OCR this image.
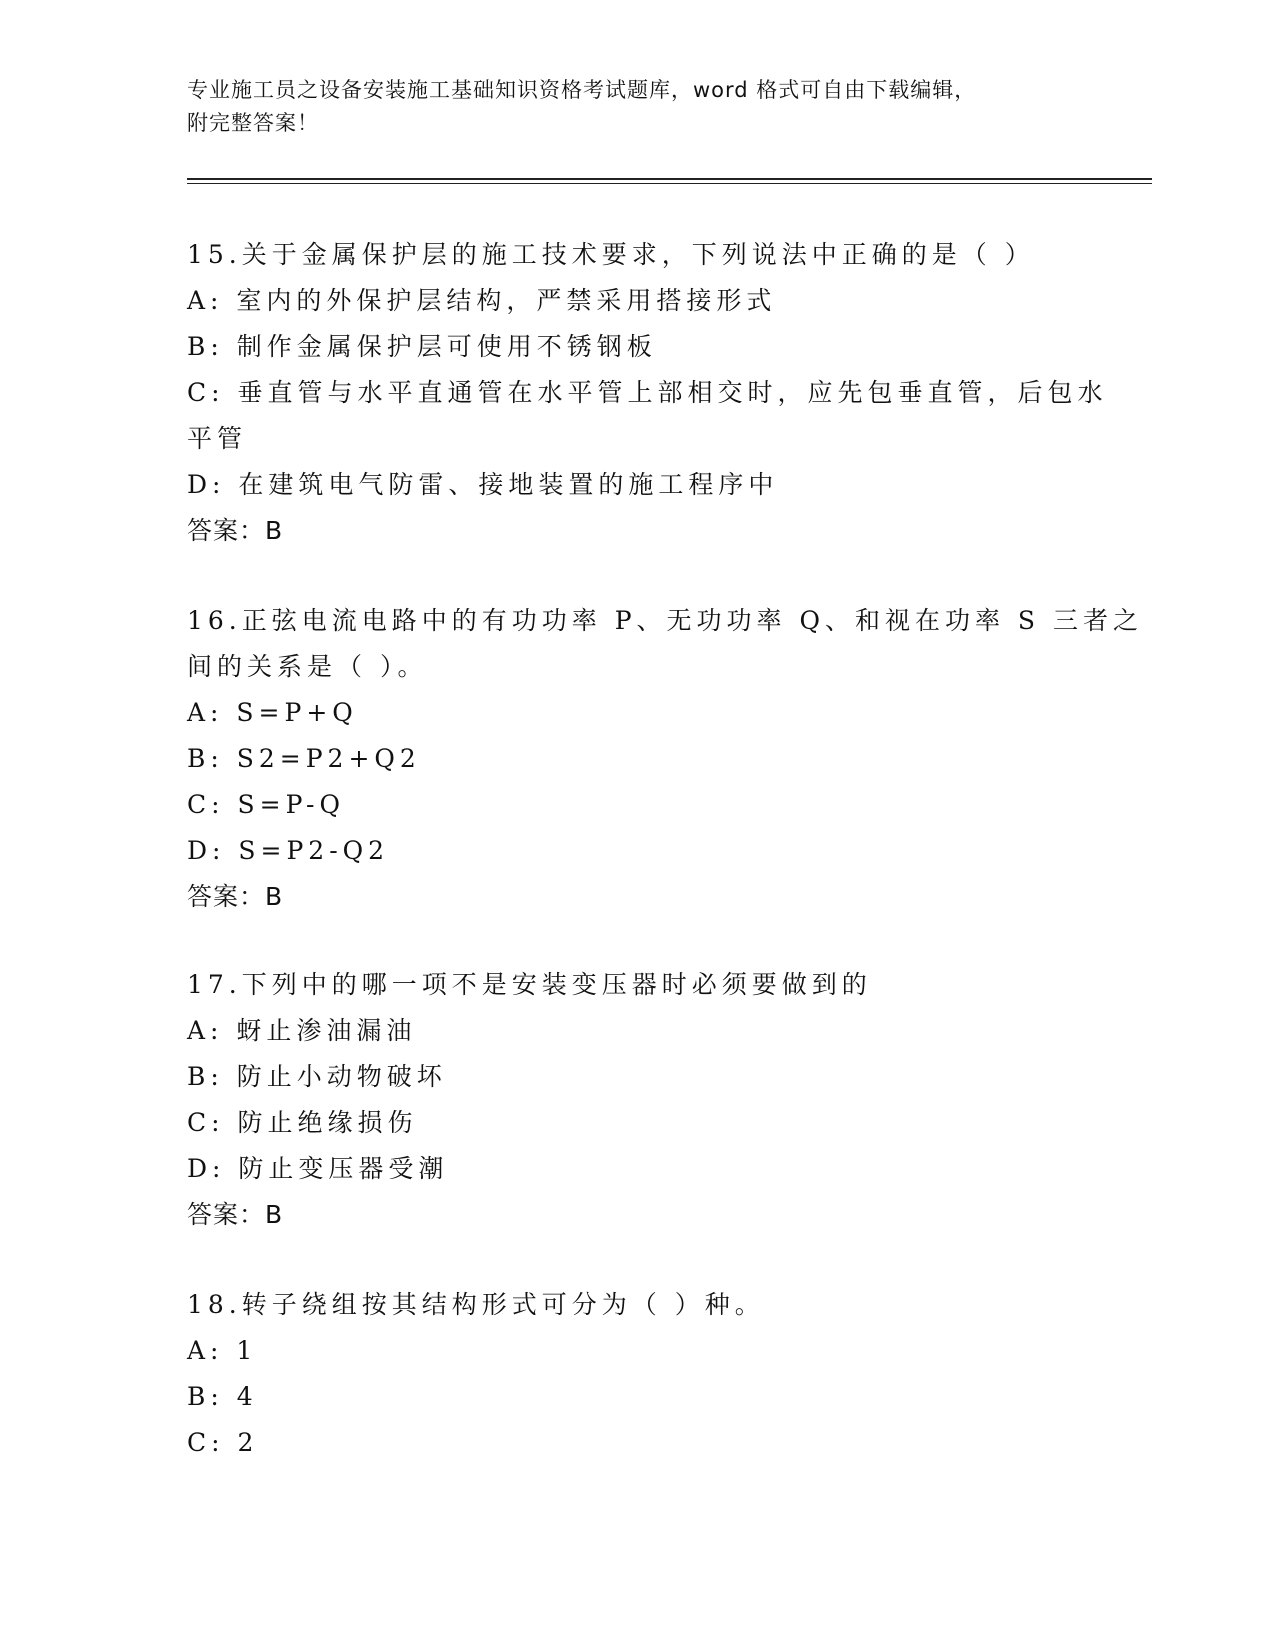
专业施工员之设备安装施工基础知识资格考试题库，word 格式可自由下载编辑，
附完整答案！
15.关于金属保护层的施工技术要求，下列说法中正确的是（ ）
A: 室内的外保护层结构，严禁采用搭接形式
B: 制作金属保护层可使用不锈钢板
C: 垂直管与水平直通管在水平管上部相交时，应先包垂直管，后包水
平管
D: 在建筑电气防雷、接地装置的施工程序中
答案：B
16.正弦电流电路中的有功功率 P、无功功率 Q、和视在功率 S 三者之
间的关系是（ ）。
A: S=P+Q
B: S2=P2+Q2
C: S=P-Q
D: S=P2-Q2
答案：B
17.下列中的哪一项不是安装变压器时必须要做到的
A: 蚜止渗油漏油
B: 防止小动物破坏
C: 防止绝缘损伤
D: 防止变压器受潮
答案：B
18.转子绕组按其结构形式可分为（ ）种。
A: 1
B: 4
C: 2
